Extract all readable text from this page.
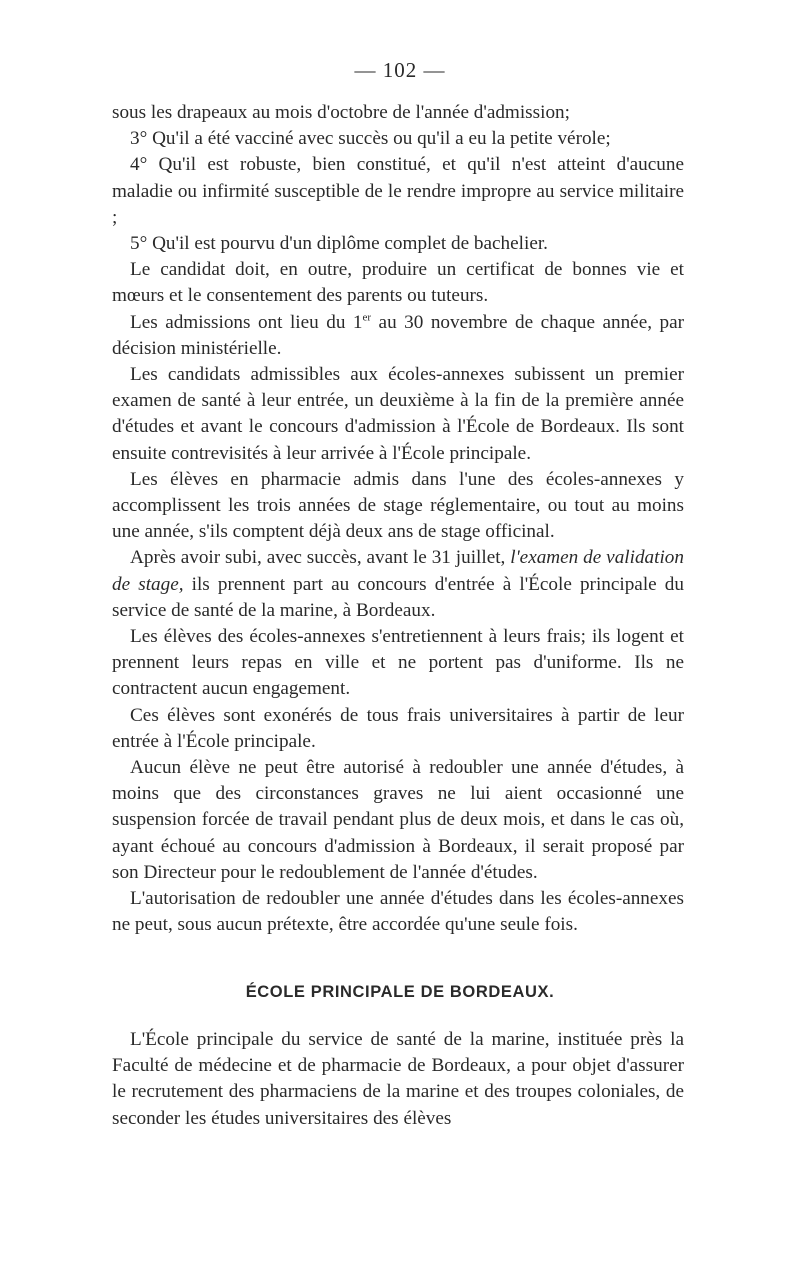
— 102 —

sous les drapeaux au mois d'octobre de l'année d'admission;

3° Qu'il a été vacciné avec succès ou qu'il a eu la petite vérole;

4° Qu'il est robuste, bien constitué, et qu'il n'est atteint d'aucune maladie ou infirmité susceptible de le rendre impropre au service militaire ;

5° Qu'il est pourvu d'un diplôme complet de bachelier.

Le candidat doit, en outre, produire un certificat de bonnes vie et mœurs et le consentement des parents ou tuteurs.

Les admissions ont lieu du 1er au 30 novembre de chaque année, par décision ministérielle.

Les candidats admissibles aux écoles-annexes subissent un premier examen de santé à leur entrée, un deuxième à la fin de la première année d'études et avant le concours d'admission à l'École de Bordeaux. Ils sont ensuite contrevisités à leur arrivée à l'École principale.

Les élèves en pharmacie admis dans l'une des écoles-annexes y accomplissent les trois années de stage réglementaire, ou tout au moins une année, s'ils comptent déjà deux ans de stage officinal.

Après avoir subi, avec succès, avant le 31 juillet, l'examen de validation de stage, ils prennent part au concours d'entrée à l'École principale du service de santé de la marine, à Bordeaux.

Les élèves des écoles-annexes s'entretiennent à leurs frais; ils logent et prennent leurs repas en ville et ne portent pas d'uniforme. Ils ne contractent aucun engagement.

Ces élèves sont exonérés de tous frais universitaires à partir de leur entrée à l'École principale.

Aucun élève ne peut être autorisé à redoubler une année d'études, à moins que des circonstances graves ne lui aient occasionné une suspension forcée de travail pendant plus de deux mois, et dans le cas où, ayant échoué au concours d'admission à Bordeaux, il serait proposé par son Directeur pour le redoublement de l'année d'études.

L'autorisation de redoubler une année d'études dans les écoles-annexes ne peut, sous aucun prétexte, être accordée qu'une seule fois.

ÉCOLE PRINCIPALE DE BORDEAUX.

L'École principale du service de santé de la marine, instituée près la Faculté de médecine et de pharmacie de Bordeaux, a pour objet d'assurer le recrutement des pharmaciens de la marine et des troupes coloniales, de seconder les études universitaires des élèves
